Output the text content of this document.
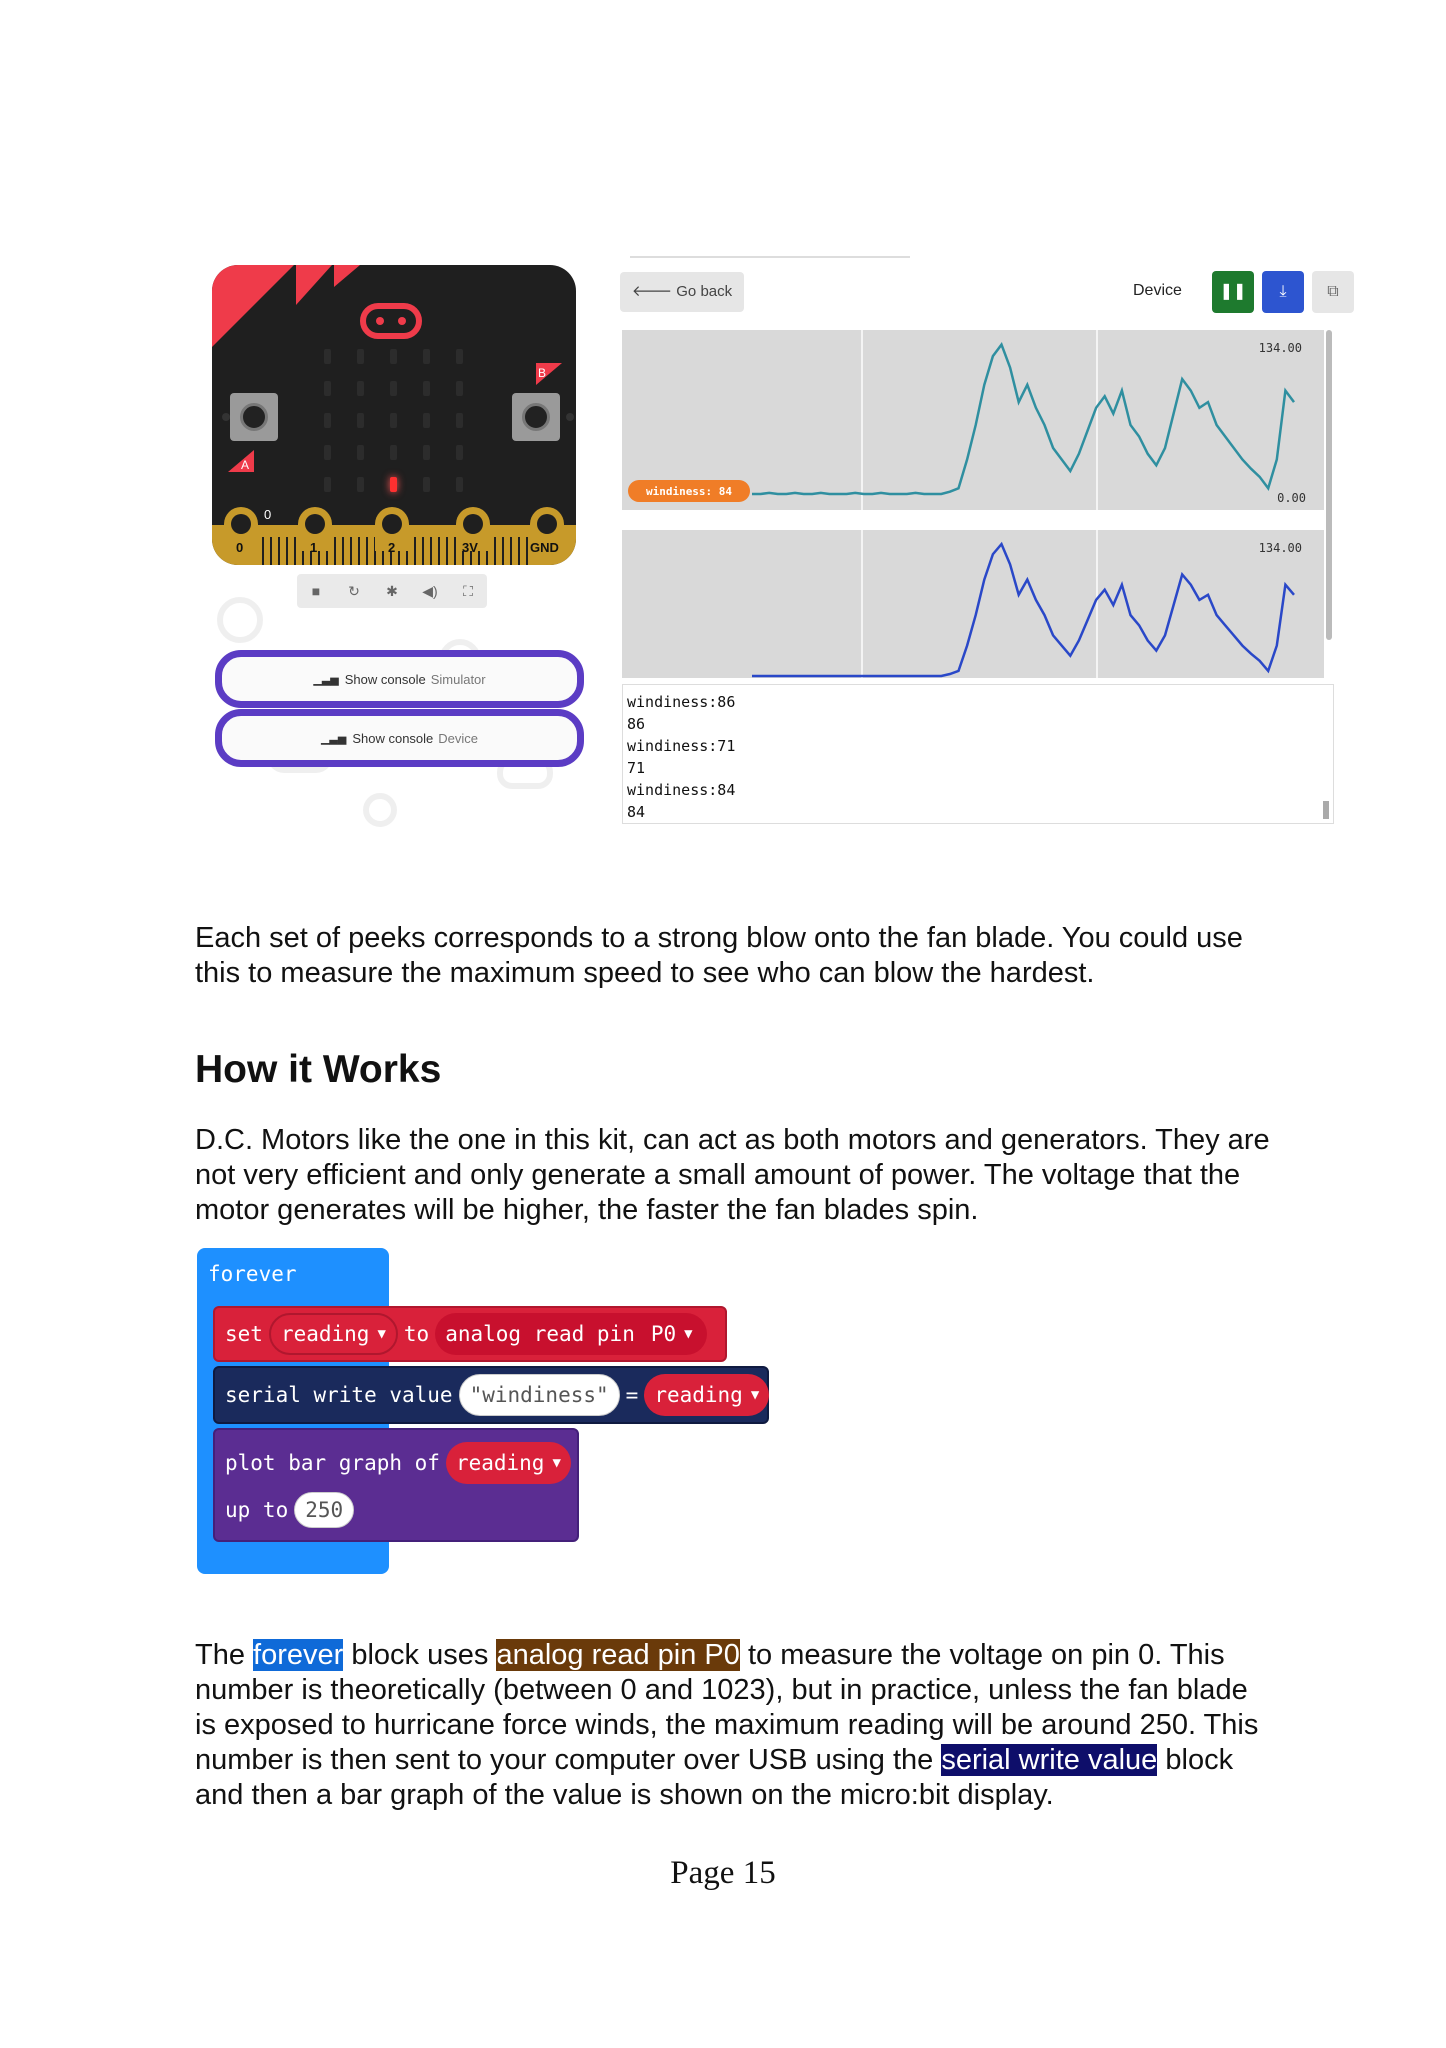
A
B
0
0	1	2	3V	GND
■	↻	✱	◀)	⛶
▁▃▅ Show console Simulator
▁▃▅ Show console Device
🡐 Go back	Device	❚❚	⤓	⧉
134.00
0.00
windiness: 84
134.00
windiness:86
86
windiness:71
71
windiness:84
84
Each set of peeks corresponds to a strong blow onto the fan blade. You could use
this to measure the maximum speed to see who can blow the hardest.
How it Works
D.C. Motors like the one in this kit, can act as both motors and generators. They are
not very efficient and only generate a small amount of power. The voltage that the
motor generates will be higher, the faster the fan blades spin.
forever
set reading ▼ to analog read pin P0 ▼
serial write value "windiness" = reading ▼
plot bar graph of reading ▼
up to 250
The forever block uses analog read pin P0 to measure the voltage on pin 0. This
number is theoretically (between 0 and 1023), but in practice, unless the fan blade
is exposed to hurricane force winds, the maximum reading will be around 250. This
number is then sent to your computer over USB using the serial write value block
and then a bar graph of the value is shown on the micro:bit display.
Page 15
